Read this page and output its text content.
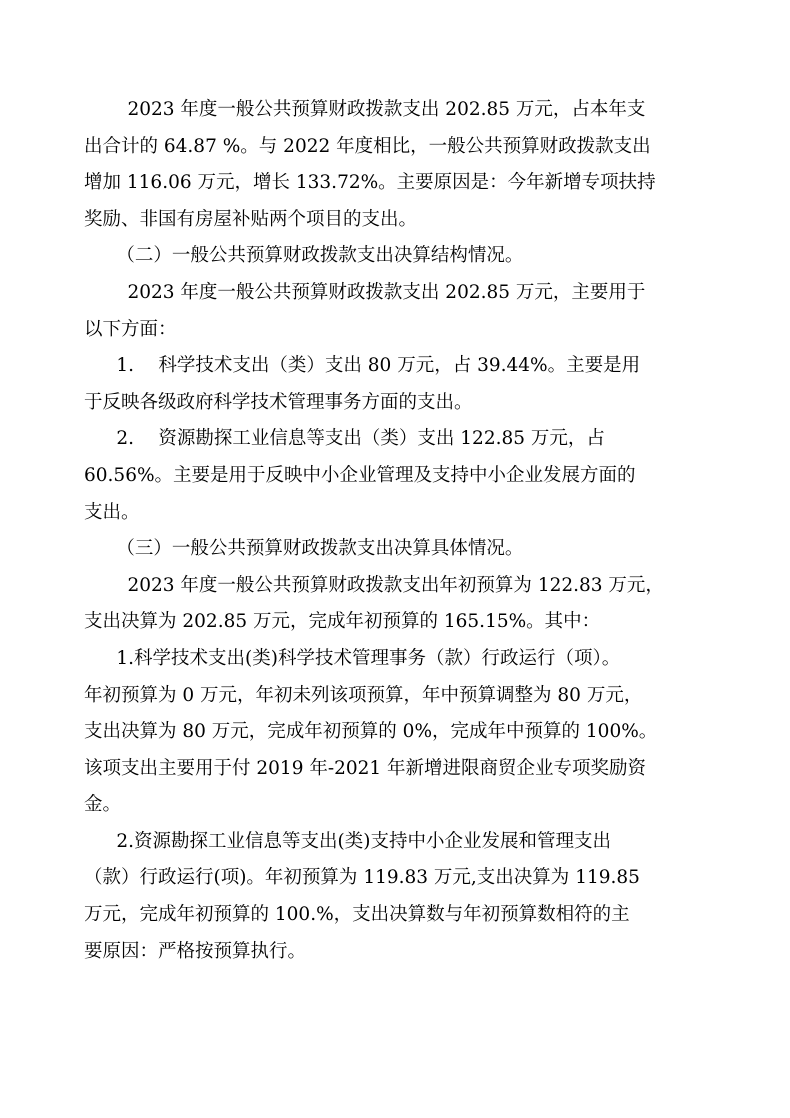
2023 年度一般公共预算财政拨款支出 202.85 万元，占本年支
出合计的 64.87 %。与 2022 年度相比，一般公共预算财政拨款支出
增加 116.06 万元，增长 133.72%。主要原因是：今年新增专项扶持
奖励、非国有房屋补贴两个项目的支出。

（二）一般公共预算财政拨款支出决算结构情况。

2023 年度一般公共预算财政拨款支出 202.85 万元，主要用于
以下方面：

1.　 科学技术支出（类）支出 80 万元，占 39.44%。主要是用
于反映各级政府科学技术管理事务方面的支出。

2.　 资源勘探工业信息等支出（类）支出 122.85 万元，占
60.56%。主要是用于反映中小企业管理及支持中小企业发展方面的
支出。

（三）一般公共预算财政拨款支出决算具体情况。

2023 年度一般公共预算财政拨款支出年初预算为 122.83 万元，
支出决算为 202.85 万元，完成年初预算的 165.15%。其中：

1.科学技术支出(类)科学技术管理事务（款）行政运行（项）。
年初预算为 0 万元，年初未列该项预算，年中预算调整为 80 万元，
支出决算为 80 万元，完成年初预算的 0%，完成年中预算的 100%。
该项支出主要用于付 2019 年-2021 年新增进限商贸企业专项奖励资
金。

2.资源勘探工业信息等支出(类)支持中小企业发展和管理支出
（款）行政运行(项)。年初预算为 119.83 万元,支出决算为 119.85
万元，完成年初预算的 100.%，支出决算数与年初预算数相符的主
要原因：严格按预算执行。
